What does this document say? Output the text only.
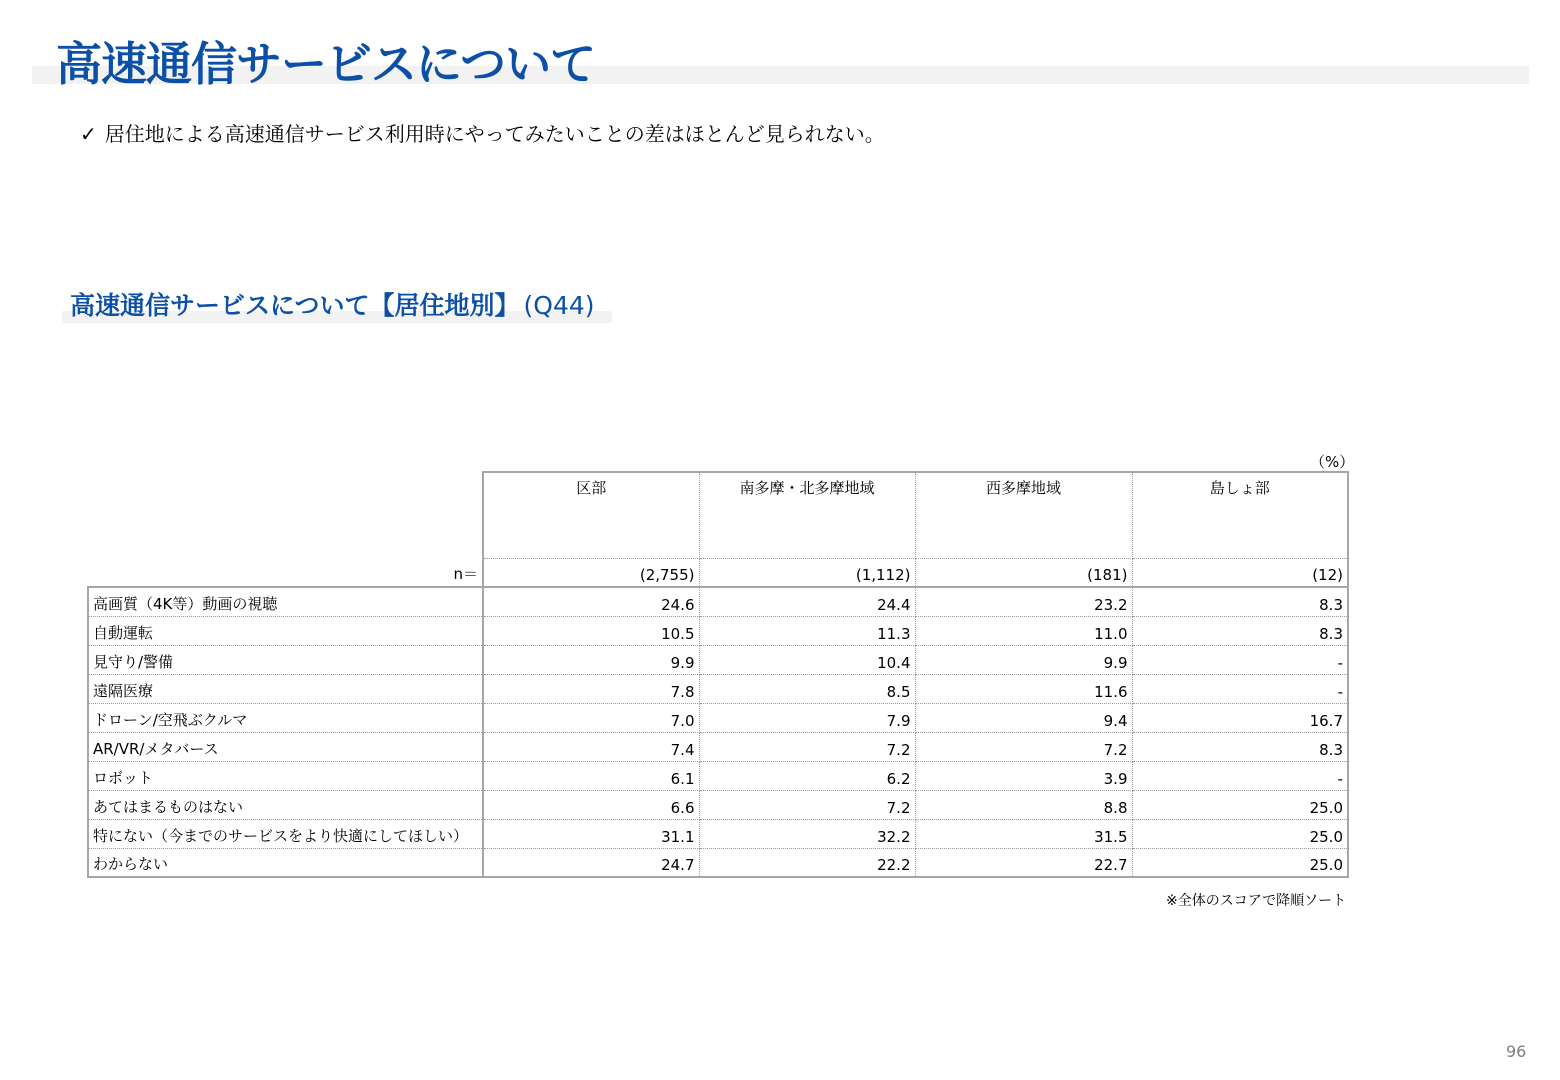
高速通信サービスについて
✓ 居住地による高速通信サービス利用時にやってみたいことの差はほとんど見られない。
高速通信サービスについて【居住地別】 (Q44)
（%）
	区部	南多摩・北多摩地域	西多摩地域	島しょ部
n＝	(2,755)	(1,112)	(181)	(12)
高画質（4K等）動画の視聴	24.6	24.4	23.2	8.3
自動運転	10.5	11.3	11.0	8.3
見守り/警備	9.9	10.4	9.9	-
遠隔医療	7.8	8.5	11.6	-
ドローン/空飛ぶクルマ	7.0	7.9	9.4	16.7
AR/VR/メタバース	7.4	7.2	7.2	8.3
ロボット	6.1	6.2	3.9	-
あてはまるものはない	6.6	7.2	8.8	25.0
特にない（今までのサービスをより快適にしてほしい）	31.1	32.2	31.5	25.0
わからない	24.7	22.2	22.7	25.0
※全体のスコアで降順ソート
96
